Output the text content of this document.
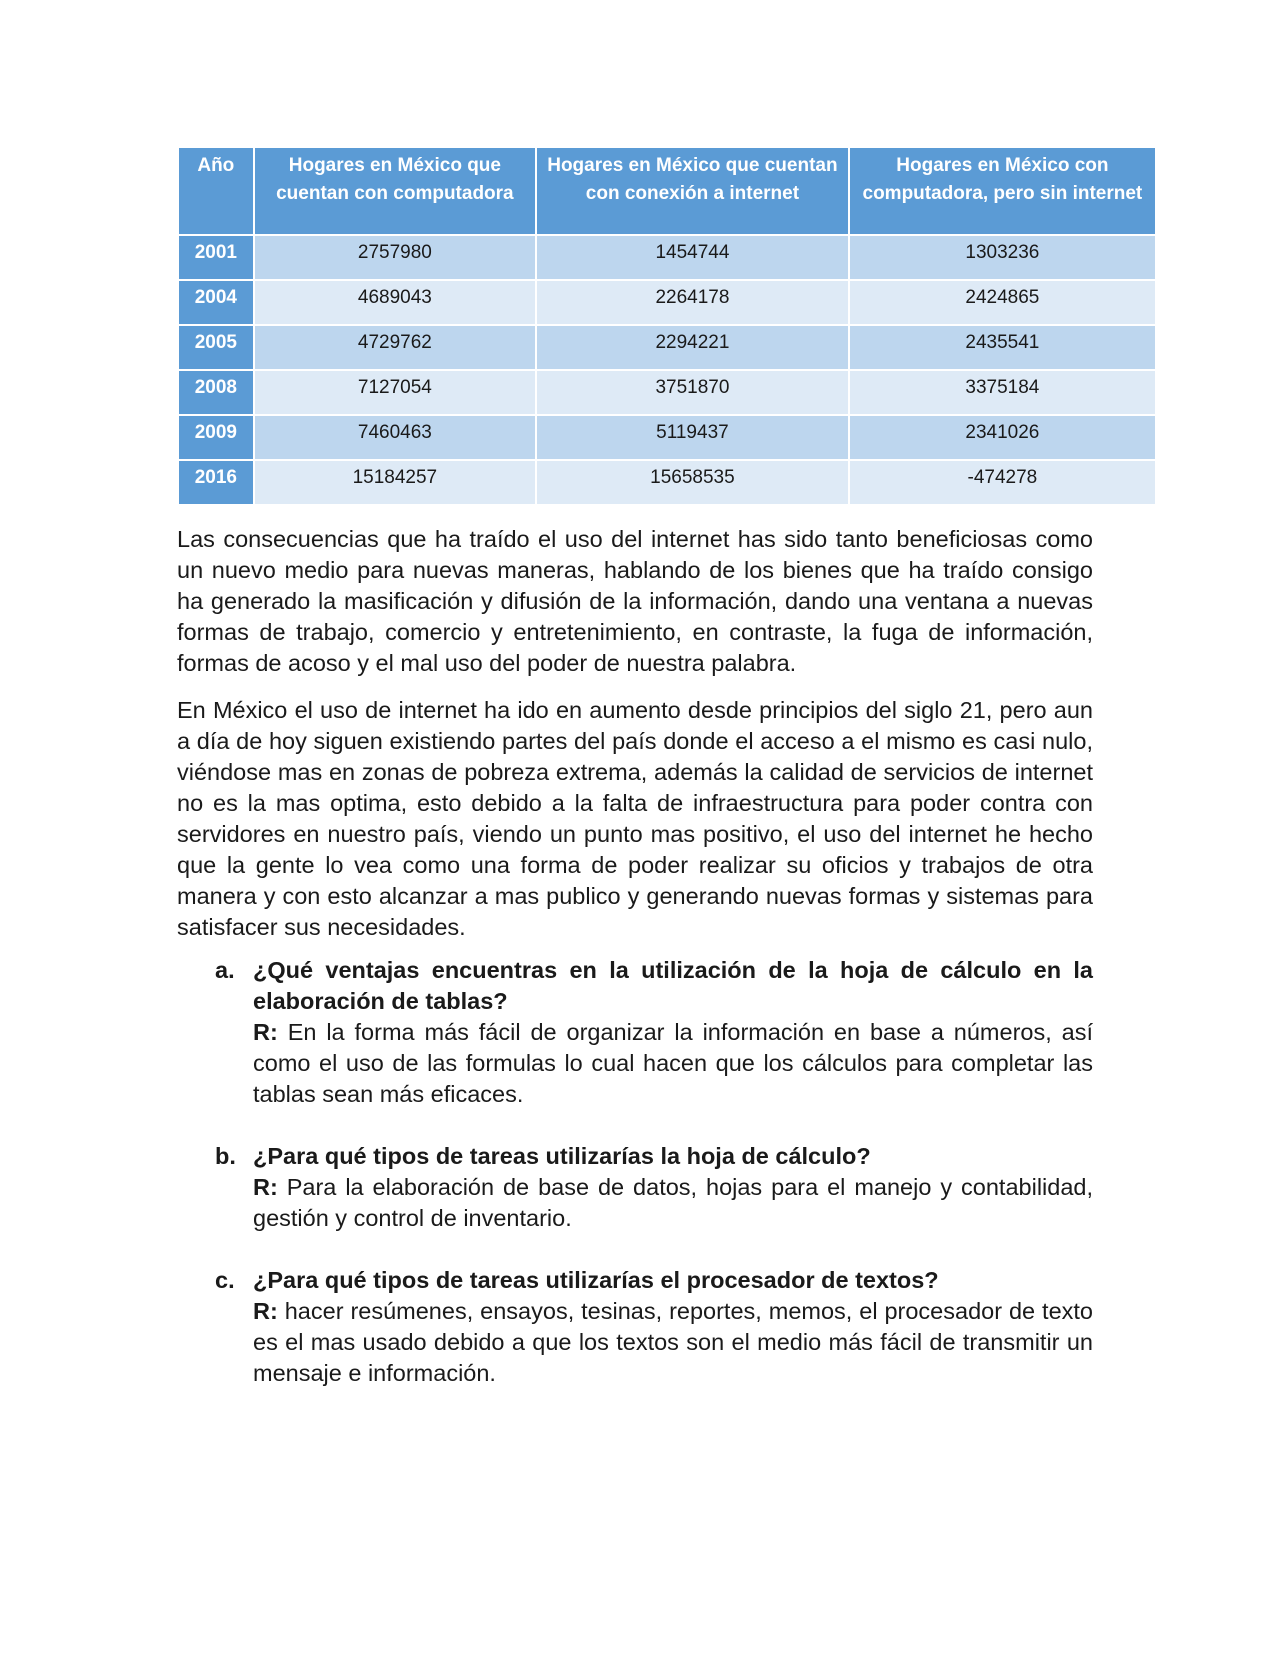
Año	Hogares en México que cuentan con computadora	Hogares en México que cuentan con conexión a internet	Hogares en México con computadora, pero sin internet
2001	2757980	1454744	1303236
2004	4689043	2264178	2424865
2005	4729762	2294221	2435541
2008	7127054	3751870	3375184
2009	7460463	5119437	2341026
2016	15184257	15658535	-474278

Las consecuencias que ha traído el uso del internet has sido tanto beneficiosas como un nuevo medio para nuevas maneras, hablando de los bienes que ha traído consigo ha generado la masificación y difusión de la información, dando una ventana a nuevas formas de trabajo, comercio y entretenimiento, en contraste, la fuga de información, formas de acoso y el mal uso del poder de nuestra palabra.

En México el uso de internet ha ido en aumento desde principios del siglo 21, pero aun a día de hoy siguen existiendo partes del país donde el acceso a el mismo es casi nulo, viéndose mas en zonas de pobreza extrema, además la calidad de servicios de internet no es la mas optima, esto debido a la falta de infraestructura para poder contra con servidores en nuestro país, viendo un punto mas positivo, el uso del internet he hecho que la gente lo vea como una forma de poder realizar su oficios y trabajos de otra manera y con esto alcanzar a mas publico y generando nuevas formas y sistemas para satisfacer sus necesidades.

a. ¿Qué ventajas encuentras en la utilización de la hoja de cálculo en la elaboración de tablas?
R: En la forma más fácil de organizar la información en base a números, así como el uso de las formulas lo cual hacen que los cálculos para completar las tablas sean más eficaces.
b. ¿Para qué tipos de tareas utilizarías la hoja de cálculo?
R: Para la elaboración de base de datos, hojas para el manejo y contabilidad, gestión y control de inventario.
c. ¿Para qué tipos de tareas utilizarías el procesador de textos?
R: hacer resúmenes, ensayos, tesinas, reportes, memos, el procesador de texto es el mas usado debido a que los textos son el medio más fácil de transmitir un mensaje e información.
